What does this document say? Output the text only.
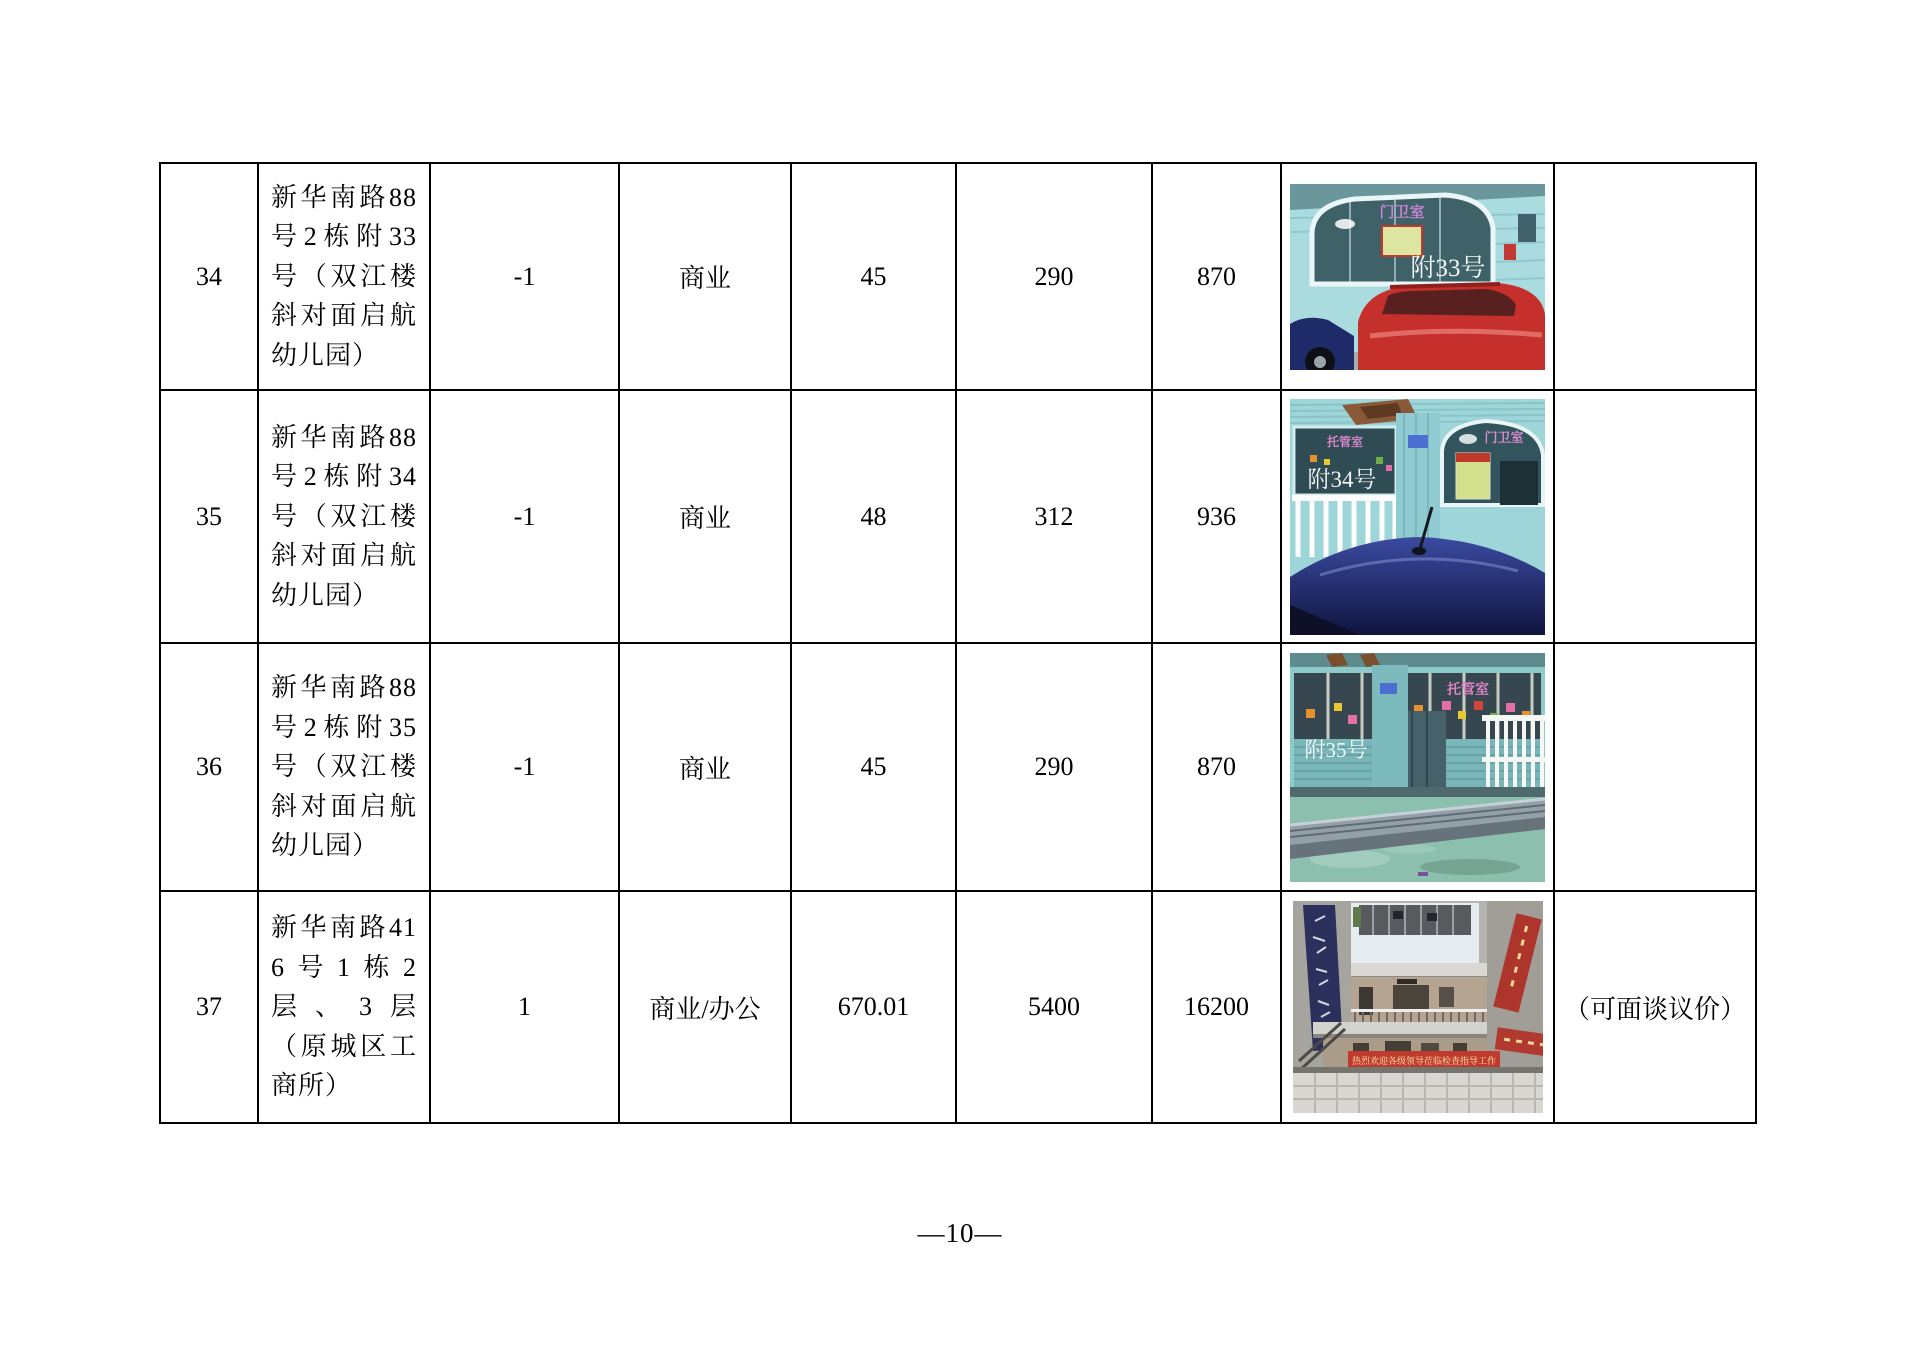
34	新华南路88号2栋附33号（双江楼斜对面启航幼儿园）	-1	商业	45	290	870	门卫室
附33号	

35	新华南路88号2栋附34号（双江楼斜对面启航幼儿园）	-1	商业	48	312	936	托管室
附34号
门卫室	

36	新华南路88号2栋附35号（双江楼斜对面启航幼儿园）	-1	商业	45	290	870	托管室
附35号	

37	新华南路416号1栋2层、3层（原城区工商所）	1	商业/办公	670.01	5400	16200	热烈欢迎各级领导莅临检查指导工作	（可面谈议价）
—10—
